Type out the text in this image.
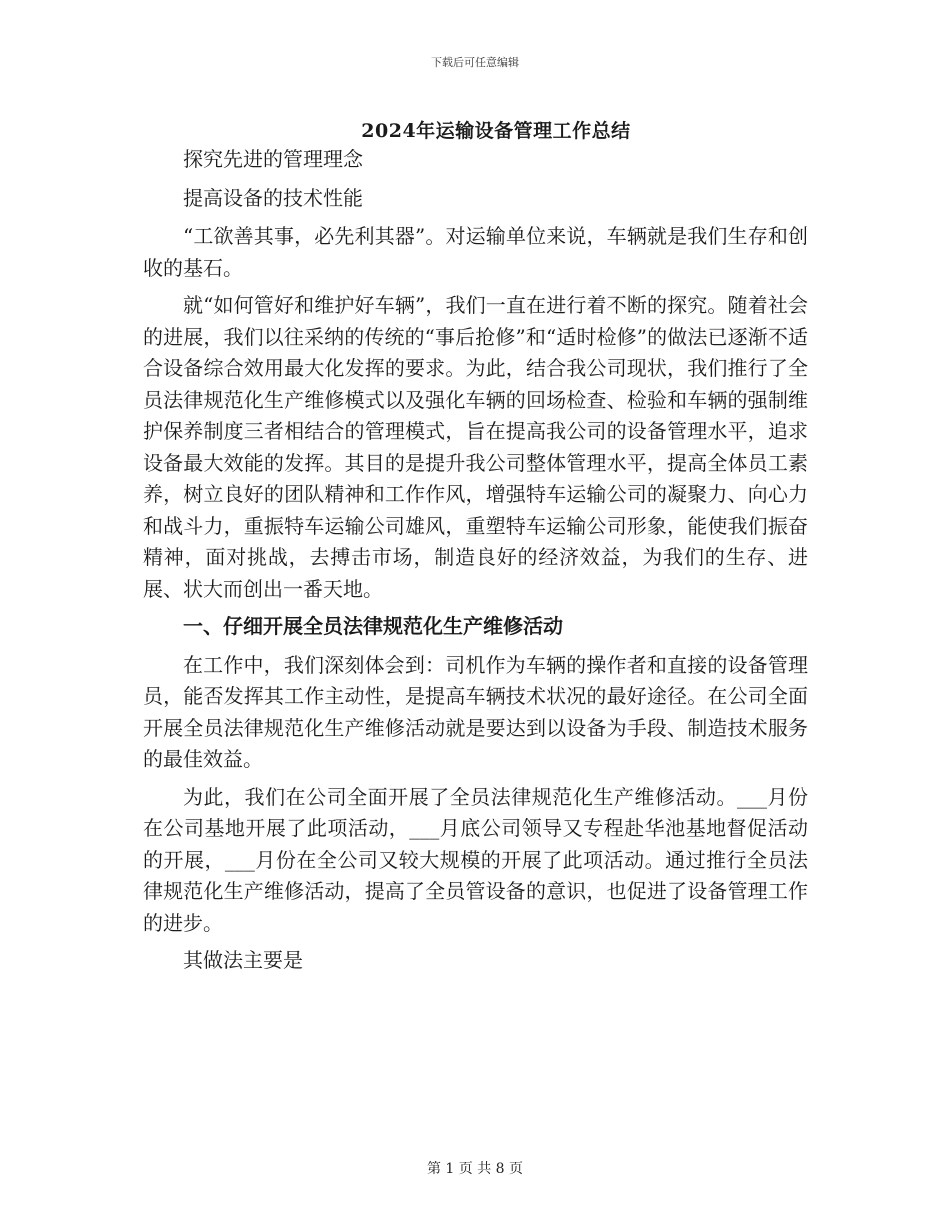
下载后可任意编辑
2024年运输设备管理工作总结

探究先进的管理理念

提高设备的技术性能

“工欲善其事，必先利其器”。对运输单位来说，车辆就是我们生存和创收的基石。

就“如何管好和维护好车辆”，我们一直在进行着不断的探究。随着社会的进展，我们以往采纳的传统的“事后抢修”和“适时检修”的做法已逐渐不适合设备综合效用最大化发挥的要求。为此，结合我公司现状，我们推行了全员法律规范化生产维修模式以及强化车辆的回场检查、检验和车辆的强制维护保养制度三者相结合的管理模式，旨在提高我公司的设备管理水平，追求设备最大效能的发挥。其目的是提升我公司整体管理水平，提高全体员工素养，树立良好的团队精神和工作作风，增强特车运输公司的凝聚力、向心力和战斗力，重振特车运输公司雄风，重塑特车运输公司形象，能使我们振奋精神，面对挑战，去搏击市场，制造良好的经济效益，为我们的生存、进展、状大而创出一番天地。

一、仔细开展全员法律规范化生产维修活动

在工作中，我们深刻体会到：司机作为车辆的操作者和直接的设备管理员，能否发挥其工作主动性，是提高车辆技术状况的最好途径。在公司全面开展全员法律规范化生产维修活动就是要达到以设备为手段、制造技术服务的最佳效益。

为此，我们在公司全面开展了全员法律规范化生产维修活动。___月份在公司基地开展了此项活动，___月底公司领导又专程赴华池基地督促活动的开展，___月份在全公司又较大规模的开展了此项活动。通过推行全员法律规范化生产维修活动，提高了全员管设备的意识，也促进了设备管理工作的进步。

其做法主要是

第 1 页 共 8 页
